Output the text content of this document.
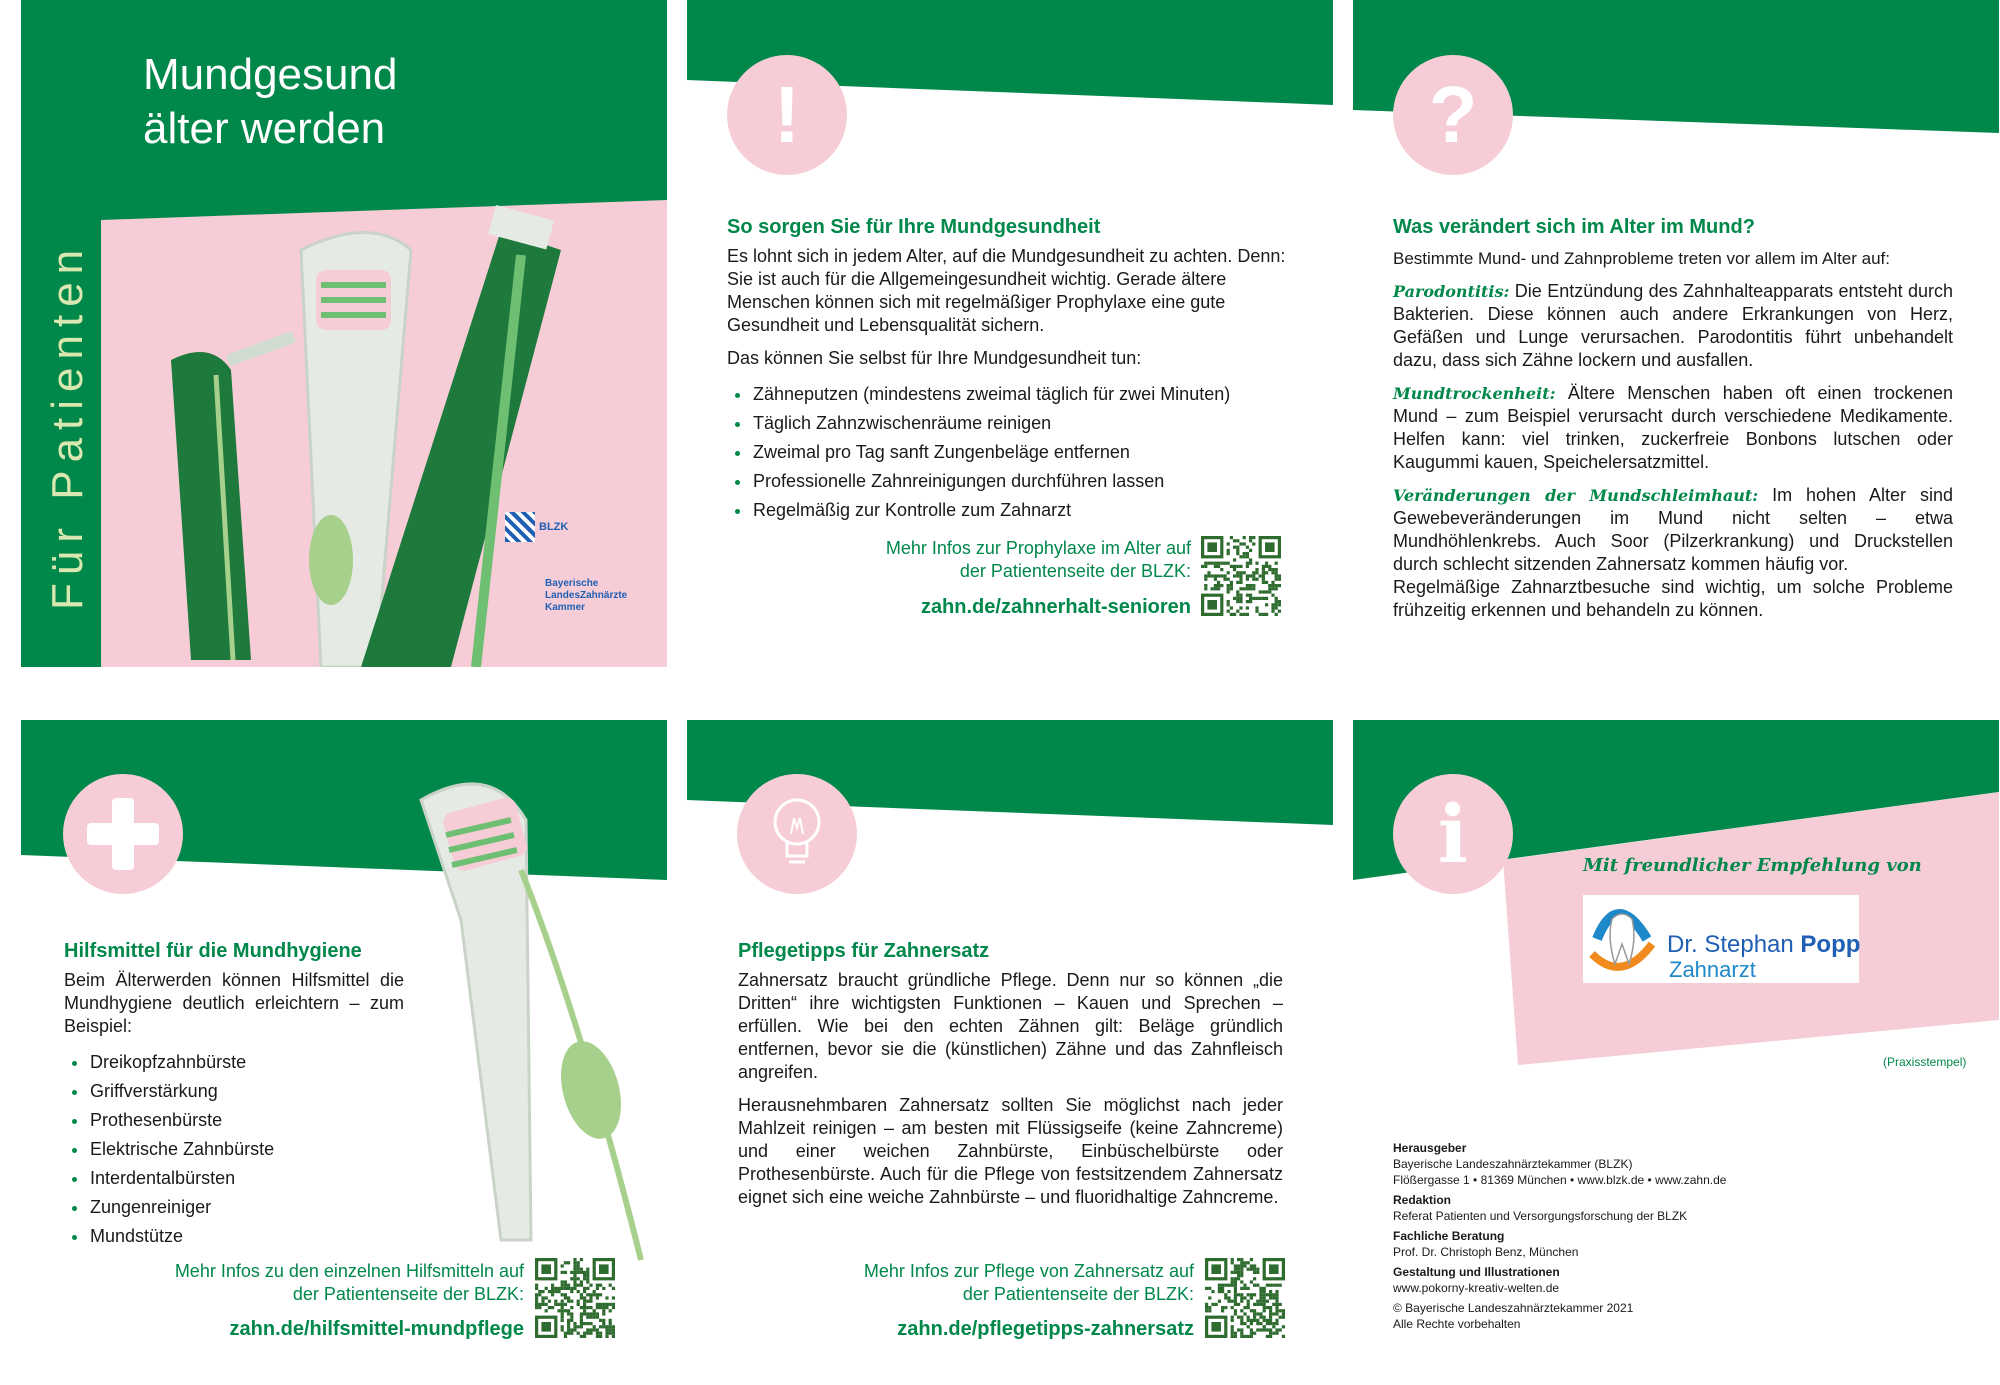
Mundgesund
älter werden
Für Patienten	BLZK
Bayerische
LandesZahnärzte
Kammer
!
So sorgen Sie für Ihre Mundgesundheit

Es lohnt sich in jedem Alter, auf die Mundgesundheit zu achten. Denn: Sie ist auch für die Allgemeingesundheit wichtig. Gerade ältere Menschen können sich mit regelmäßiger Prophylaxe eine gute Gesundheit und Lebensqualität sichern.

Das können Sie selbst für Ihre Mundgesundheit tun:

Zähneputzen (mindestens zweimal täglich für zwei Minuten)
Täglich Zahnzwischenräume reinigen
Zweimal pro Tag sanft Zungenbeläge entfernen
Professionelle Zahnreinigungen durchführen lassen
Regelmäßig zur Kontrolle zum Zahnarzt
Mehr Infos zur Prophylaxe im Alter auf
der Patientenseite der BLZK:
zahn.de/zahnerhalt-senioren
?
Was verändert sich im Alter im Mund?

Bestimmte Mund- und Zahnprobleme treten vor allem im Alter auf:

Parodontitis: Die Entzündung des Zahnhalteapparats entsteht durch Bakterien. Diese können auch andere Erkrankungen von Herz, Gefäßen und Lunge verursachen. Parodontitis führt unbehandelt dazu, dass sich Zähne lockern und ausfallen.

Mundtrockenheit: Ältere Menschen haben oft einen trockenen Mund – zum Beispiel verursacht durch verschiedene Medikamente. Helfen kann: viel trinken, zuckerfreie Bonbons lutschen oder Kaugummi kauen, Speichelersatzmittel.

Veränderungen der Mundschleimhaut: Im hohen Alter sind Gewebeveränderungen im Mund nicht selten – etwa Mundhöhlenkrebs. Auch Soor (Pilzerkrankung) und Druckstellen durch schlecht sitzenden Zahnersatz kommen häufig vor.

Regelmäßige Zahnarztbesuche sind wichtig, um solche Probleme frühzeitig erkennen und behandeln zu können.

Hilfsmittel für die Mundhygiene

Beim Älterwerden können Hilfsmittel die Mundhygiene deutlich erleichtern – zum Beispiel:

Dreikopfzahnbürste
Griffverstärkung
Prothesenbürste
Elektrische Zahnbürste
Interdentalbürsten
Zungenreiniger
Mundstütze
Mehr Infos zu den einzelnen Hilfsmitteln auf
der Patientenseite der BLZK:
zahn.de/hilfsmittel-mundpflege
Pflegetipps für Zahnersatz

Zahnersatz braucht gründliche Pflege. Denn nur so können „die Dritten“ ihre wichtigsten Funktionen – Kauen und Sprechen – erfüllen. Wie bei den echten Zähnen gilt: Beläge gründlich entfernen, bevor sie die (künstlichen) Zähne und das Zahnfleisch angreifen.

Herausnehmbaren Zahnersatz sollten Sie möglichst nach jeder Mahlzeit reinigen – am besten mit Flüssigseife (keine Zahncreme) und einer weichen Zahnbürste, Einbüschelbürste oder Prothesenbürste. Auch für die Pflege von festsitzendem Zahnersatz eignet sich eine weiche Zahnbürste – und fluoridhaltige Zahncreme.

Mehr Infos zur Pflege von Zahnersatz auf
der Patientenseite der BLZK:
zahn.de/pflegetipps-zahnersatz
i	Mit freundlicher Empfehlung von
Dr. Stephan Popp
Zahnarzt
(Praxisstempel)
Herausgeber
Bayerische Landeszahnärztekammer (BLZK)
Flößergasse 1 • 81369 München • www.blzk.de • www.zahn.de
Redaktion
Referat Patienten und Versorgungsforschung der BLZK
Fachliche Beratung
Prof. Dr. Christoph Benz, München
Gestaltung und Illustrationen
www.pokorny-kreativ-welten.de
© Bayerische Landeszahnärztekammer 2021
Alle Rechte vorbehalten
